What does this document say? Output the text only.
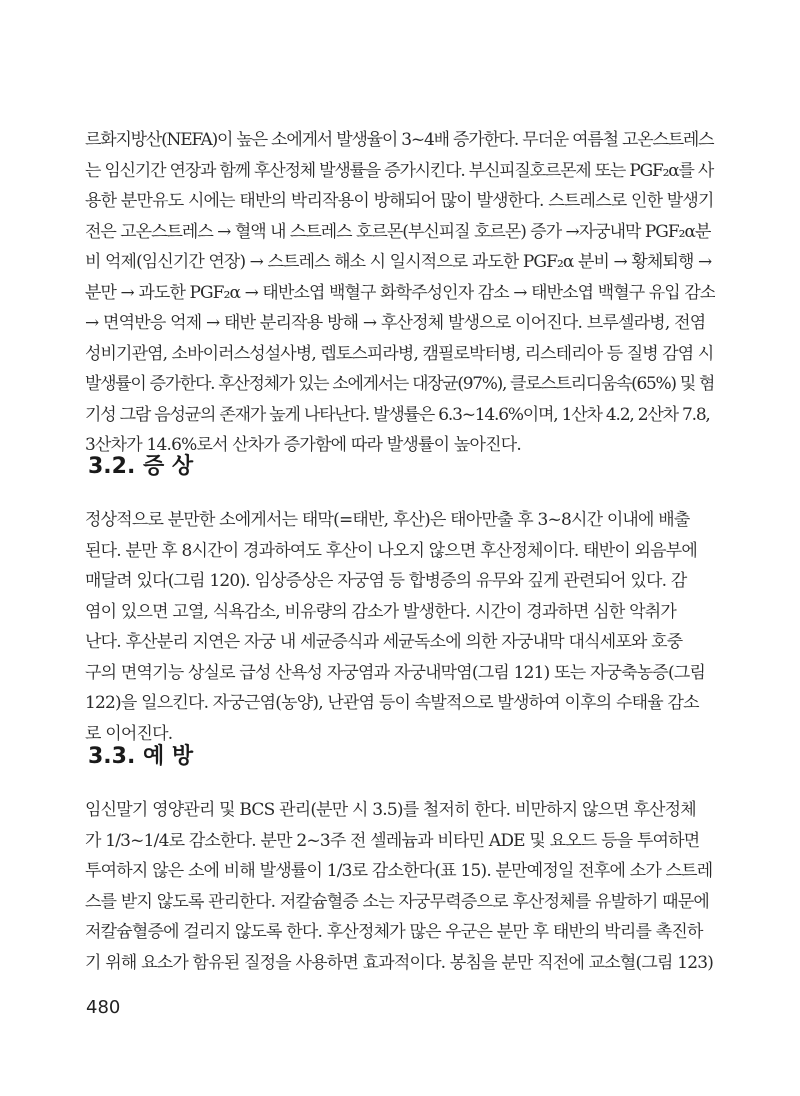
르화지방산(NEFA)이 높은 소에게서 발생율이 3~4배 증가한다. 무더운 여름철 고온스트레스
는 임신기간 연장과 함께 후산정체 발생률을 증가시킨다. 부신피질호르몬제 또는 PGF₂α를 사
용한 분만유도 시에는 태반의 박리작용이 방해되어 많이 발생한다. 스트레스로 인한 발생기
전은 고온스트레스 → 혈액 내 스트레스 호르몬(부신피질 호르몬) 증가 →자궁내막 PGF₂α분
비 억제(임신기간 연장) → 스트레스 해소 시 일시적으로 과도한 PGF₂α 분비 → 황체퇴행 →
분만 → 과도한 PGF₂α → 태반소엽 백혈구 화학주성인자 감소 → 태반소엽 백혈구 유입 감소
→ 면역반응 억제 → 태반 분리작용 방해 → 후산정체 발생으로 이어진다. 브루셀라병, 전염
성비기관염, 소바이러스성설사병, 렙토스피라병, 캠필로박터병, 리스테리아 등 질병 감염 시
발생률이 증가한다. 후산정체가 있는 소에게서는 대장균(97%), 클로스트리디움속(65%) 및 혐
기성 그람 음성균의 존재가 높게 나타난다. 발생률은 6.3~14.6%이며, 1산차 4.2, 2산차 7.8,
3산차가 14.6%로서 산차가 증가함에 따라 발생률이 높아진다.
3.2. 증 상
정상적으로 분만한 소에게서는 태막(=태반, 후산)은 태아만출 후 3~8시간 이내에 배출
된다. 분만 후 8시간이 경과하여도 후산이 나오지 않으면 후산정체이다. 태반이 외음부에
매달려 있다(그림 120). 임상증상은 자궁염 등 합병증의 유무와 깊게 관련되어 있다. 감
염이 있으면 고열, 식욕감소, 비유량의 감소가 발생한다. 시간이 경과하면 심한 악취가
난다. 후산분리 지연은 자궁 내 세균증식과 세균독소에 의한 자궁내막 대식세포와 호중
구의 면역기능 상실로 급성 산욕성 자궁염과 자궁내막염(그림 121) 또는 자궁축농증(그림
122)을 일으킨다. 자궁근염(농양), 난관염 등이 속발적으로 발생하여 이후의 수태율 감소
로 이어진다.
3.3. 예 방
임신말기 영양관리 및 BCS 관리(분만 시 3.5)를 철저히 한다. 비만하지 않으면 후산정체
가 1/3~1/4로 감소한다. 분만 2~3주 전 셀레늄과 비타민 ADE 및 요오드 등을 투여하면
투여하지 않은 소에 비해 발생률이 1/3로 감소한다(표 15). 분만예정일 전후에 소가 스트레
스를 받지 않도록 관리한다. 저칼슘혈증 소는 자궁무력증으로 후산정체를 유발하기 때문에
저칼슘혈증에 걸리지 않도록 한다. 후산정체가 많은 우군은 분만 후 태반의 박리를 촉진하
기 위해 요소가 함유된 질정을 사용하면 효과적이다. 봉침을 분만 직전에 교소혈(그림 123)
480
